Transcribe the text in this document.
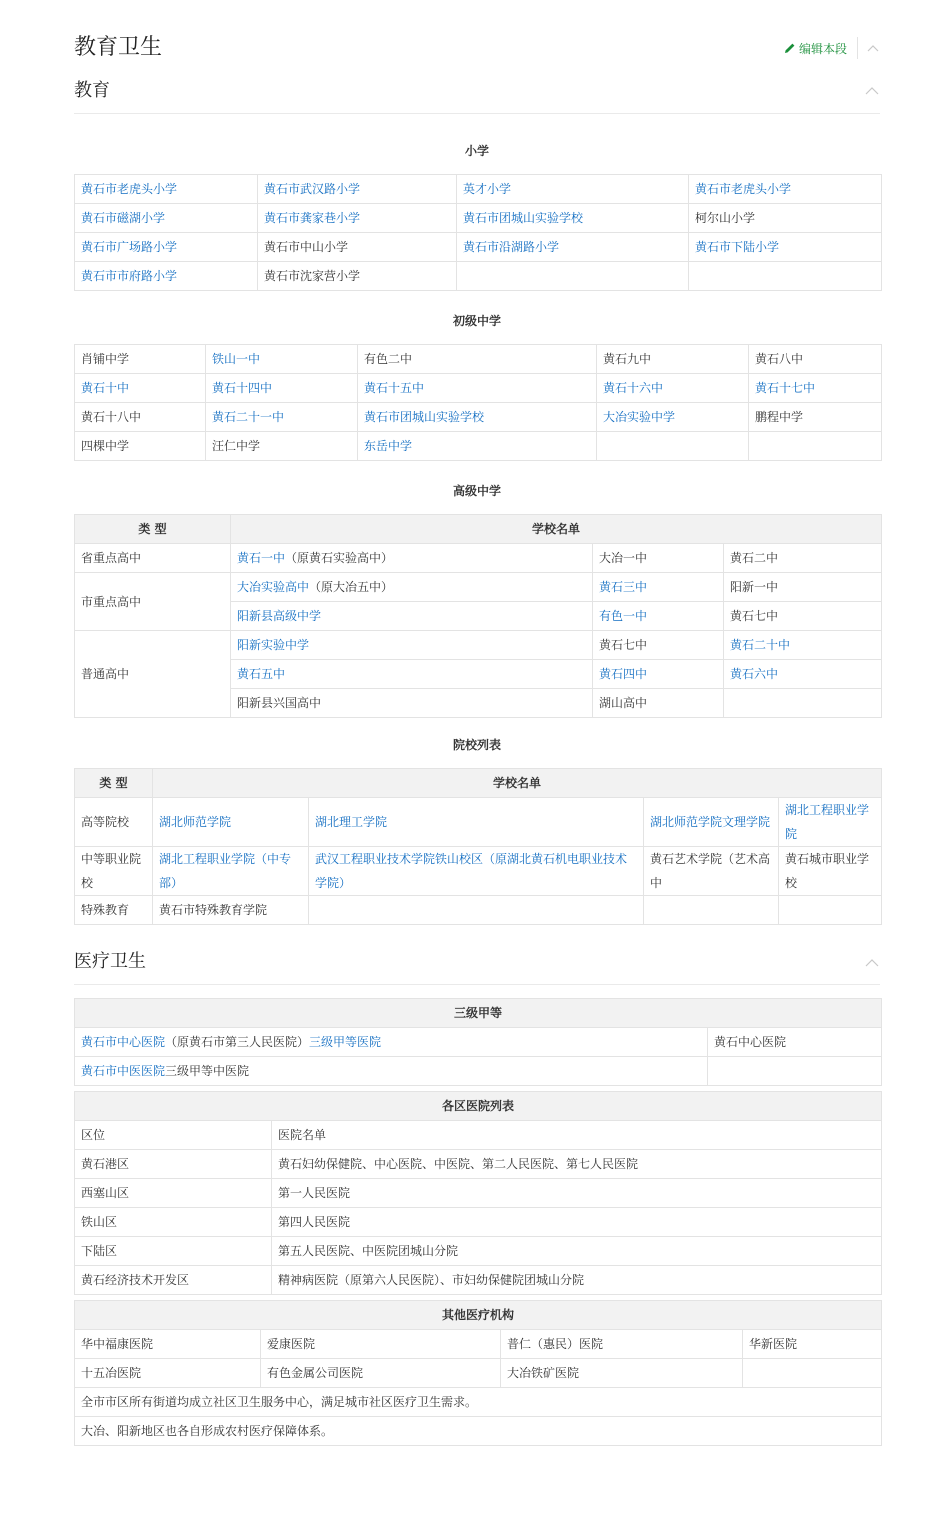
教育卫生	编辑本段
教育
小学
黄石市老虎头小学	黄石市武汉路小学	英才小学	黄石市老虎头小学
黄石市磁湖小学	黄石市龚家巷小学	黄石市团城山实验学校	柯尔山小学
黄石市广场路小学	黄石市中山小学	黄石市沿湖路小学	黄石市下陆小学
黄石市市府路小学	黄石市沈家营小学		
初级中学
肖铺中学	铁山一中	有色二中	黄石九中	黄石八中
黄石十中	黄石十四中	黄石十五中	黄石十六中	黄石十七中
黄石十八中	黄石二十一中	黄石市团城山实验学校	大冶实验中学	鹏程中学
四棵中学	汪仁中学	东岳中学		
高级中学
类 型	学校名单		
省重点高中	黄石一中（原黄石实验高中）	大冶一中	黄石二中
市重点高中	大冶实验高中（原大冶五中）	黄石三中	阳新一中
	阳新县高级中学	有色一中	黄石七中
普通高中	阳新实验中学	黄石七中	黄石二十中
	黄石五中	黄石四中	黄石六中
	阳新县兴国高中	湖山高中	
院校列表
类 型	学校名单			
高等院校	湖北师范学院	湖北理工学院	湖北师范学院文理学院	湖北工程职业学院
中等职业院校	湖北工程职业学院（中专部）	武汉工程职业技术学院铁山校区（原湖北黄石机电职业技术学院）	黄石艺术学院（艺术高中	黄石城市职业学校
特殊教育	黄石市特殊教育学院			
医疗卫生
三级甲等	
黄石市中心医院（原黄石市第三人民医院）三级甲等医院	黄石中心医院
黄石市中医医院三级甲等中医院	
各区医院列表	
区位	医院名单
黄石港区	黄石妇幼保健院、中心医院、中医院、第二人民医院、第七人民医院
西塞山区	第一人民医院
铁山区	第四人民医院
下陆区	第五人民医院、中医院团城山分院
黄石经济技术开发区	精神病医院（原第六人民医院）、市妇幼保健院团城山分院
其他医疗机构			
华中福康医院	爱康医院	普仁（惠民）医院	华新医院
十五冶医院	有色金属公司医院	大冶铁矿医院	
全市市区所有街道均成立社区卫生服务中心，满足城市社区医疗卫生需求。			
大冶、阳新地区也各自形成农村医疗保障体系。			
